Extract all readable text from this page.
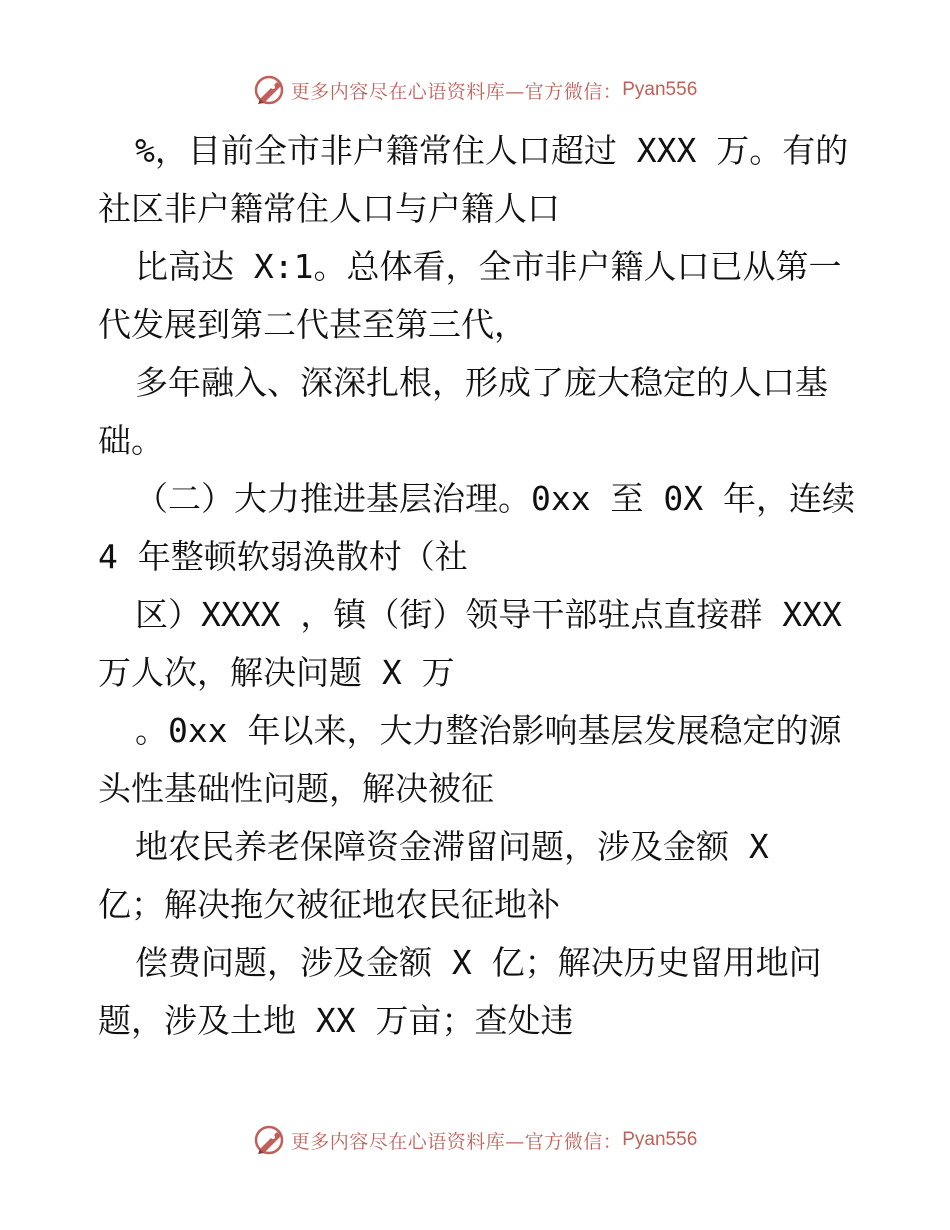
更多内容尽在心语资料库—官方微信： Pyan556
%，目前全市非户籍常住人口超过 XXX 万。有的
社区非户籍常住人口与户籍人口
比高达 X:1。总体看，全市非户籍人口已从第一
代发展到第二代甚至第三代，
多年融入、深深扎根，形成了庞大稳定的人口基
础。
（二）大力推进基层治理。0xx 至 0X 年，连续
4 年整顿软弱涣散村（社
区）XXXX ，镇（街）领导干部驻点直接群 XXX
万人次，解决问题 X 万
。0xx 年以来，大力整治影响基层发展稳定的源
头性基础性问题，解决被征
地农民养老保障资金滞留问题，涉及金额 X
亿；解决拖欠被征地农民征地补
偿费问题，涉及金额 X 亿；解决历史留用地问
题，涉及土地 XX 万亩；查处违
更多内容尽在心语资料库—官方微信： Pyan556
